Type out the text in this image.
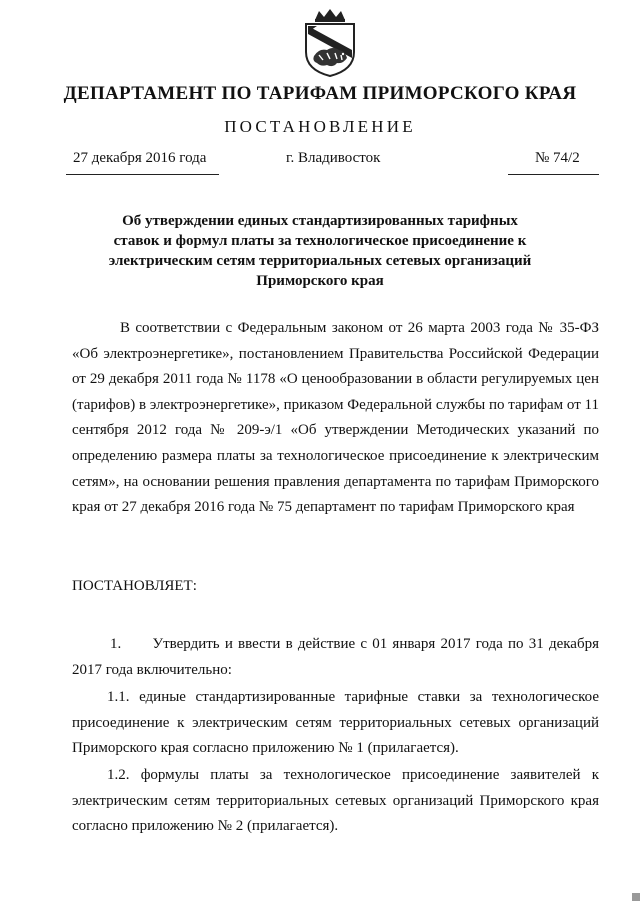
ДЕПАРТАМЕНТ ПО ТАРИФАМ ПРИМОРСКОГО КРАЯ
ПОСТАНОВЛЕНИЕ
27 декабря 2016 года	г. Владивосток	№ 74/2
Об утверждении единых стандартизированных тарифных ставок и формул платы за технологическое присоединение к электрическим сетям территориальных сетевых организаций Приморского края
В соответствии с Федеральным законом от 26 марта 2003 года № 35-ФЗ «Об электроэнергетике», постановлением Правительства Российской Федерации от 29 декабря 2011 года № 1178 «О ценообразовании в области регулируемых цен (тарифов) в электроэнергетике», приказом Федеральной службы по тарифам от 11 сентября 2012 года № 209-э/1 «Об утверждении Методических указаний по определению размера платы за технологическое присоединение к электрическим сетям», на основании решения правления департамента по тарифам Приморского края от 27 декабря 2016 года № 75 департамент по тарифам Приморского края
ПОСТАНОВЛЯЕТ:
1.      Утвердить и ввести в действие с 01 января 2017 года по 31 декабря 2017 года включительно:
1.1. единые стандартизированные тарифные ставки за технологическое присоединение к электрическим сетям территориальных сетевых организаций Приморского края согласно приложению № 1 (прилагается).
1.2. формулы платы за технологическое присоединение заявителей к электрическим сетям территориальных сетевых организаций Приморского края согласно приложению № 2 (прилагается).
